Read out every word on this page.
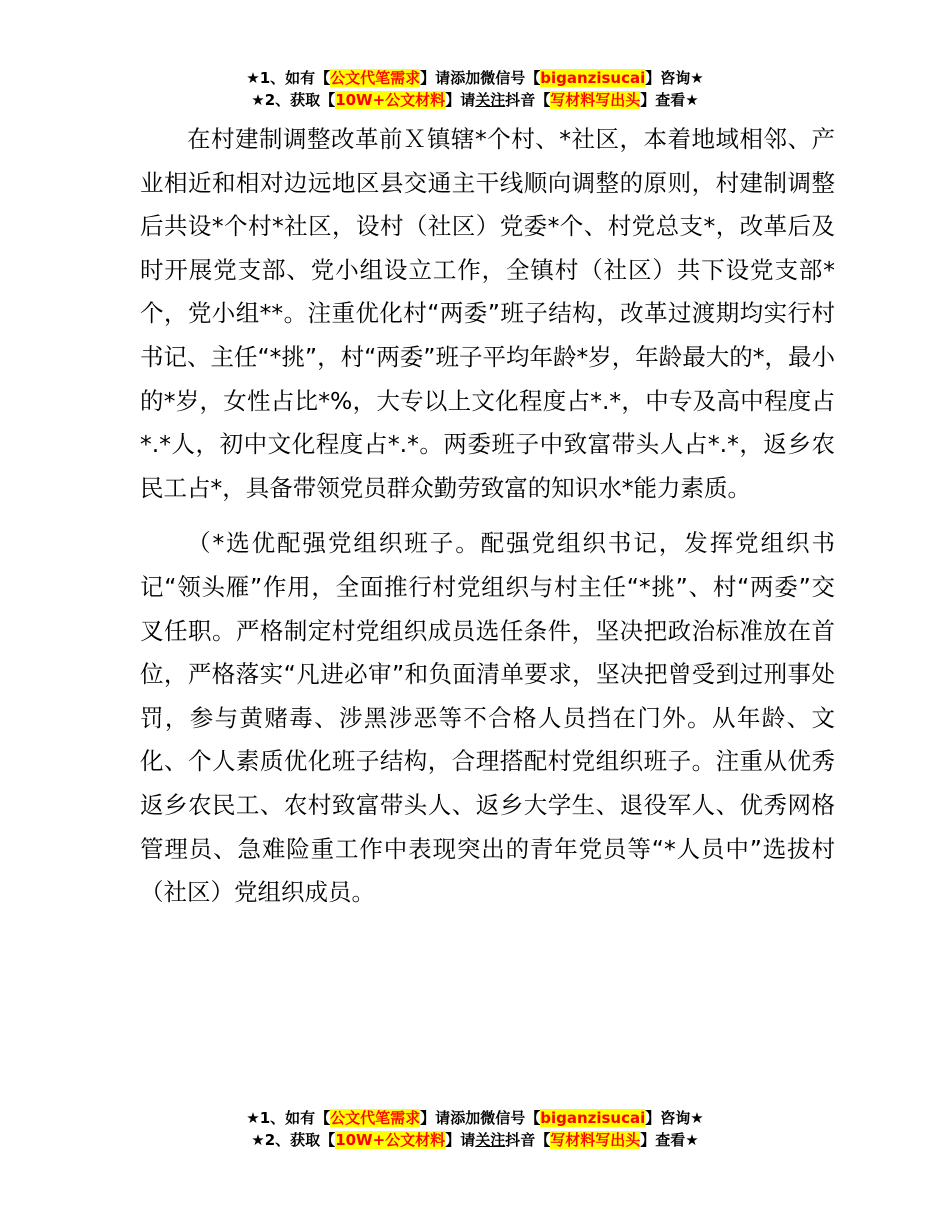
★1、如有【公文代笔需求】请添加微信号【biganzisucai】咨询★
★2、获取【10W+公文材料】请关注抖音【写材料写出头】查看★

在村建制调整改革前Ｘ镇辖*个村、*社区，本着地域相邻、产业相近和相对边远地区县交通主干线顺向调整的原则，村建制调整后共设*个村*社区，设村（社区）党委*个、村党总支*，改革后及时开展党支部、党小组设立工作，全镇村（社区）共下设党支部*个，党小组**。注重优化村“两委”班子结构，改革过渡期均实行村书记、主任“*挑”，村“两委”班子平均年龄*岁，年龄最大的*，最小的*岁，女性占比*%，大专以上文化程度占*.*，中专及高中程度占*.*人，初中文化程度占*.*。两委班子中致富带头人占*.*，返乡农民工占*，具备带领党员群众勤劳致富的知识水*能力素质。

（*选优配强党组织班子。配强党组织书记，发挥党组织书记“领头雁”作用，全面推行村党组织与村主任“*挑”、村“两委”交叉任职。严格制定村党组织成员选任条件，坚决把政治标准放在首位，严格落实“凡进必审”和负面清单要求，坚决把曾受到过刑事处罚，参与黄赌毒、涉黑涉恶等不合格人员挡在门外。从年龄、文化、个人素质优化班子结构，合理搭配村党组织班子。注重从优秀返乡农民工、农村致富带头人、返乡大学生、退役军人、优秀网格管理员、急难险重工作中表现突出的青年党员等“*人员中”选拔村（社区）党组织成员。

★1、如有【公文代笔需求】请添加微信号【biganzisucai】咨询★
★2、获取【10W+公文材料】请关注抖音【写材料写出头】查看★
